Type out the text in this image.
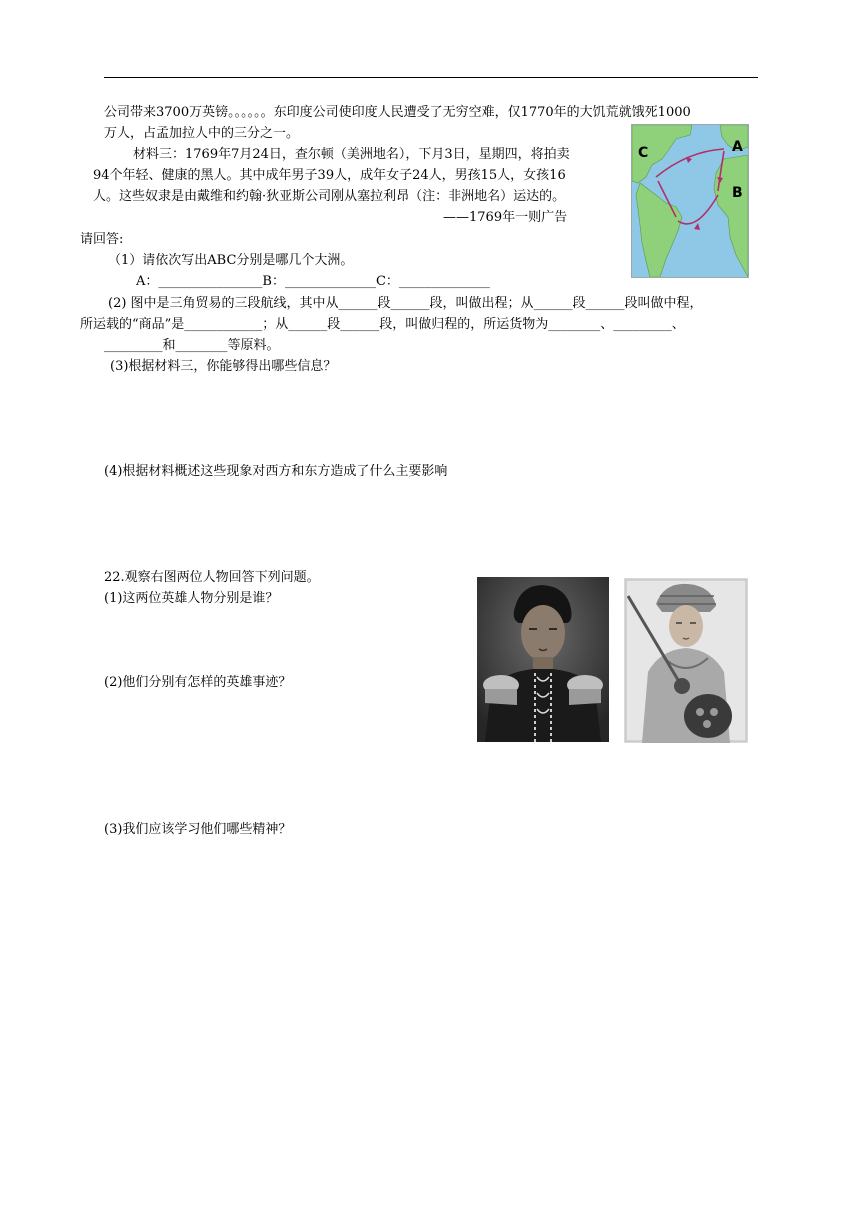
公司带来3700万英镑。。。。。。东印度公司使印度人民遭受了无穷空难，仅1770年的大饥荒就饿死1000
万人，占孟加拉人中的三分之一。
材料三：1769年7月24日，查尔顿（美洲地名），下月3日，星期四，将拍卖
94个年轻、健康的黑人。其中成年男子39人，成年女子24人，男孩15人，女孩16
人。这些奴隶是由戴维和约翰·狄亚斯公司刚从塞拉利昂（注：非洲地名）运达的。
——1769年一则广告
A
B
C
请回答:
（1）请依次写出ABC分别是哪几个大洲。
A：________________B：______________C：______________
(2) 图中是三角贸易的三段航线，其中从______段______段，叫做出程；从______段______段叫做中程，
所运载的“商品”是____________；从______段______段，叫做归程的，所运货物为________、_________、
_________和________等原料。
(3)根据材料三，你能够得出哪些信息？
(4)根据材料概述这些现象对西方和东方造成了什么主要影响
22.观察右图两位人物回答下列问题。
(1)这两位英雄人物分别是谁？
(2)他们分别有怎样的英雄事迹？
(3)我们应该学习他们哪些精神？
